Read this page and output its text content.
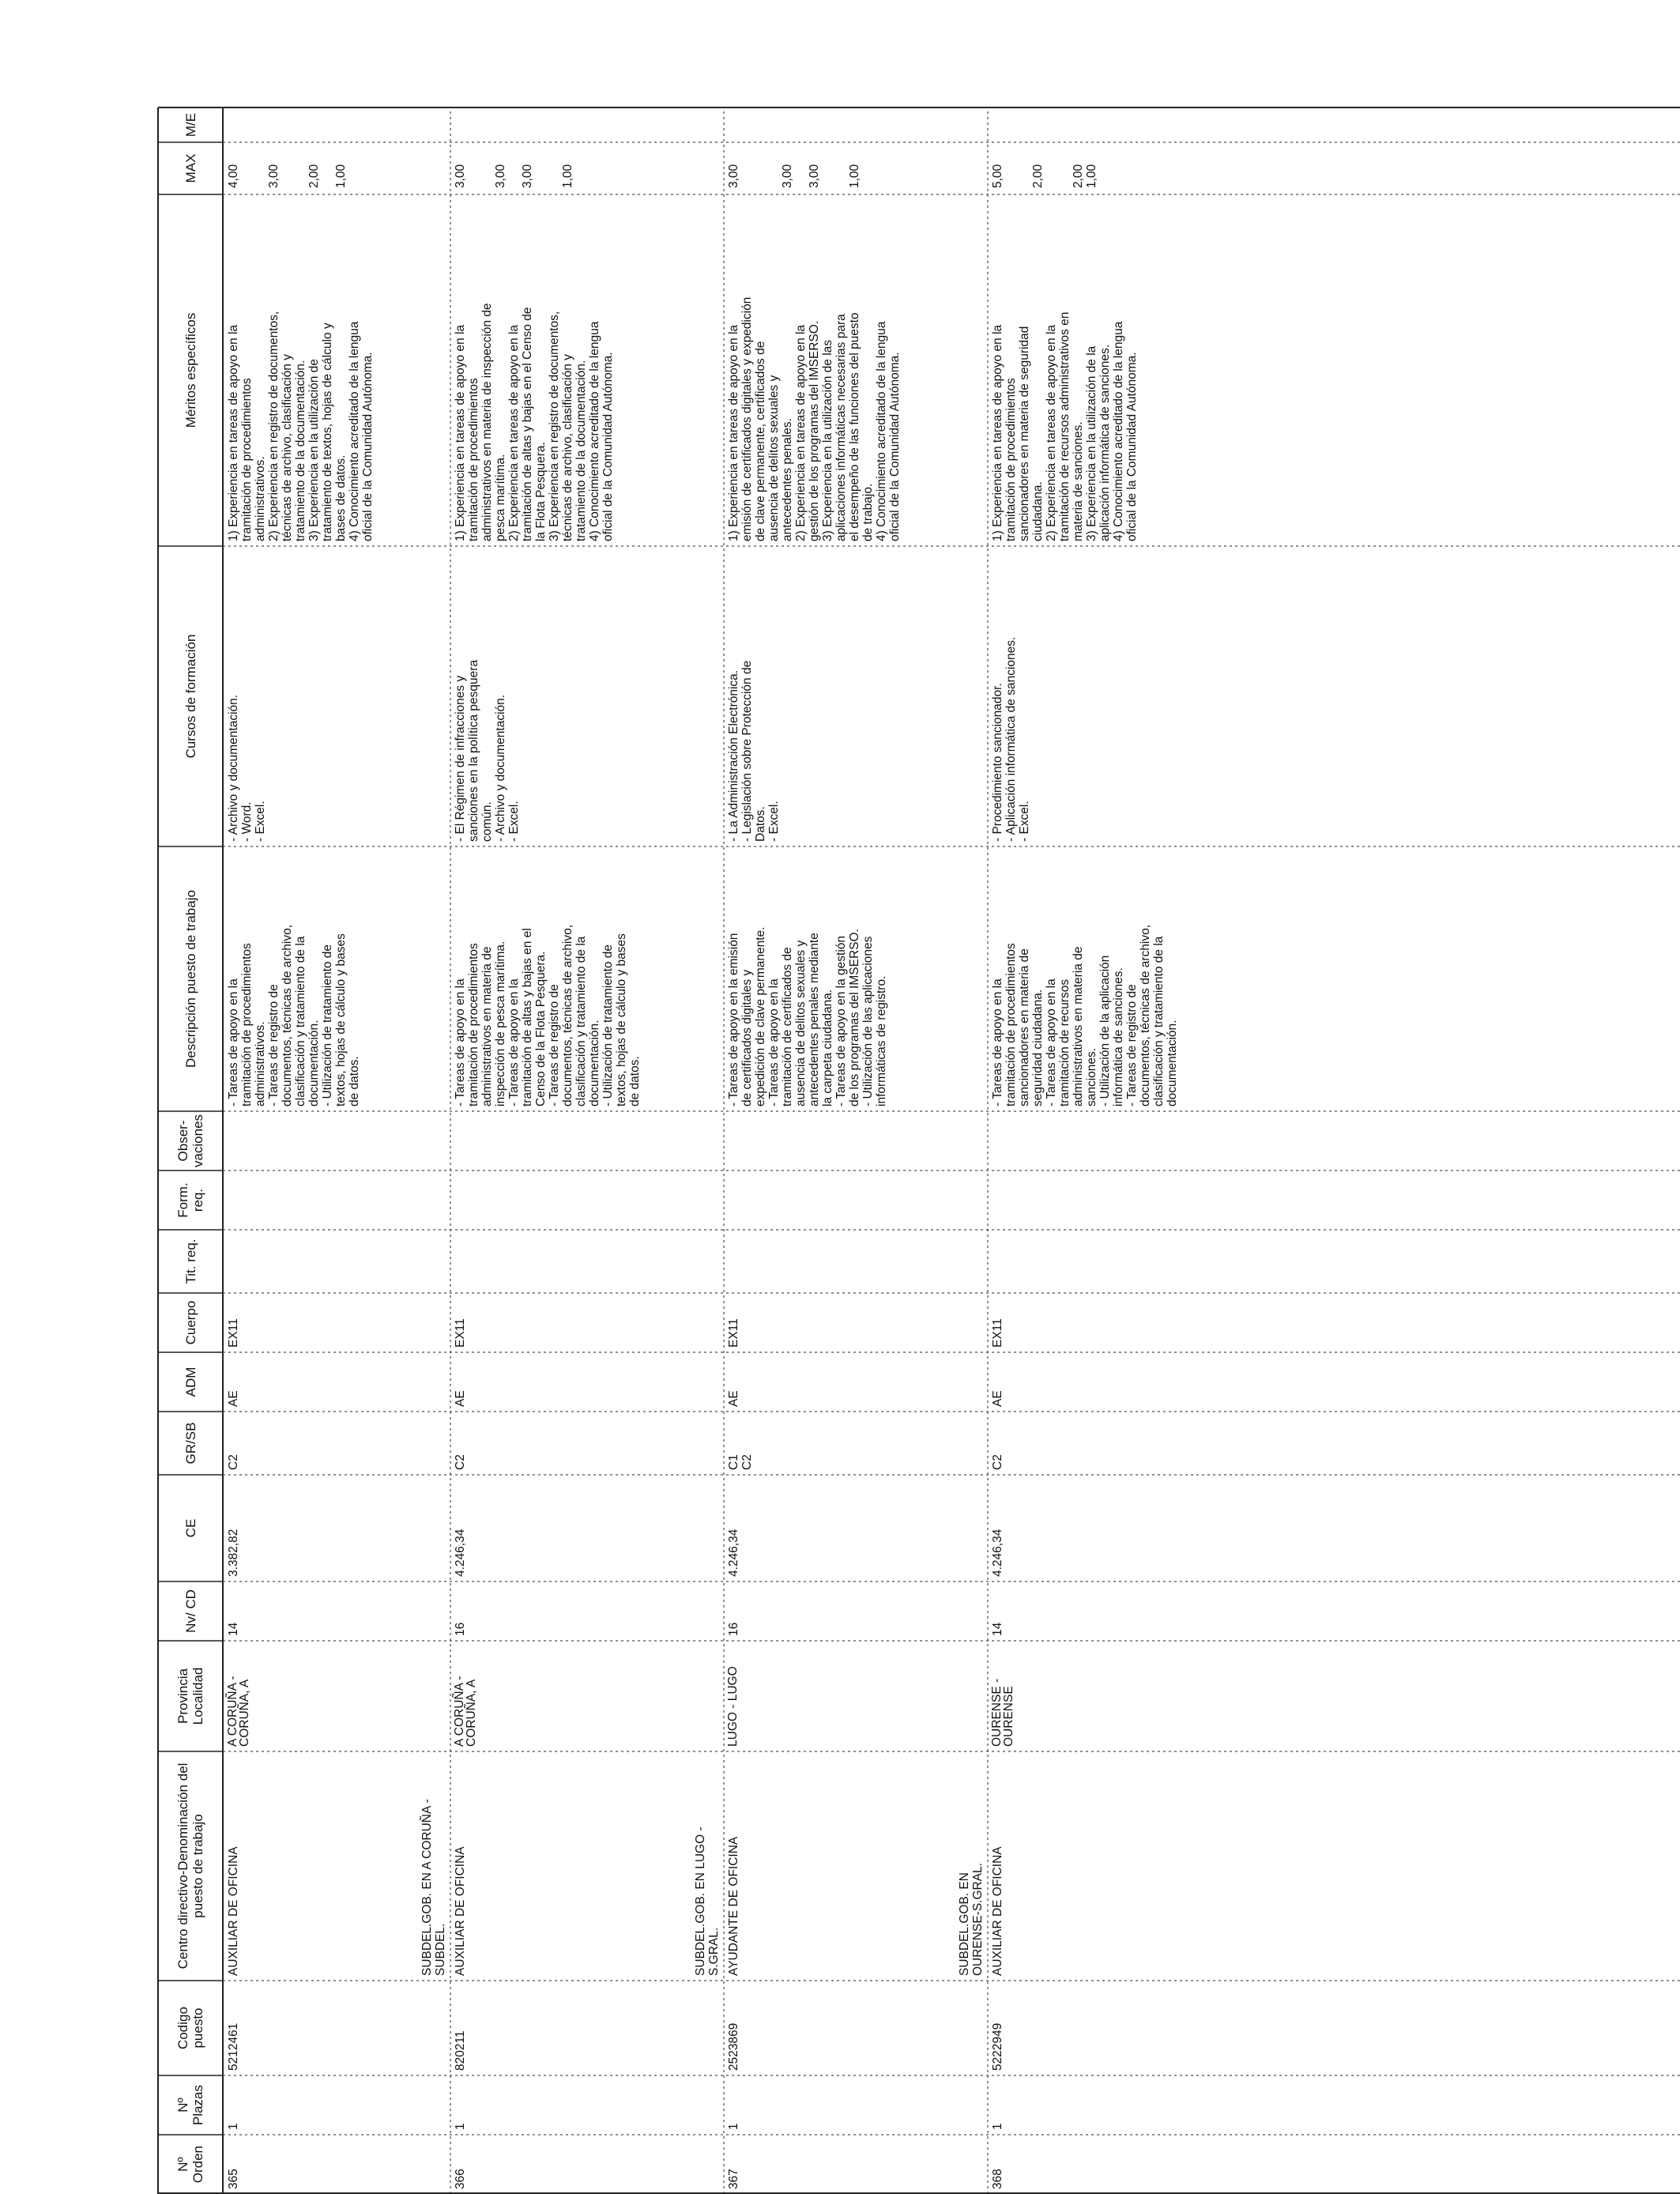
Nº Orden
Nº Plazas
Codigo puesto
Centro directivo-Denominación del puesto de trabajo
Provincia Localidad
Nv/ CD
CE
GR/SB
ADM
Cuerpo
Tit. req.
Form. req.
Obser-vaciones
Descripción puesto de trabajo
Cursos de formación
Méritos específicos
MAX
M/E
365
1
5212461
AUXILIAR DE OFICINA
A CORUÑA -
CORUÑA, A
14
3.382,82
C2
AE
EX11
- Tareas de apoyo en la
tramitación de procedimientos
administrativos.
- Tareas de registro de
documentos, técnicas de archivo,
clasificación y tratamiento de la
documentación.
- Utilización de tratamiento de
textos, hojas de cálculo y bases
de datos.
- Archivo y documentación.
- Word.
- Excel.
1) Experiencia en tareas de apoyo en la
tramitación de procedimientos
administrativos.
2) Experiencia en registro de documentos,
técnicas de archivo, clasificación y
tratamiento de la documentación.
3) Experiencia en la utilización de
tratamiento de textos, hojas de cálculo y
bases de datos.
4) Conocimiento acreditado de la lengua
oficial de la Comunidad Autónoma.
4,00

3,00

2,00
1,00
366
1
820211
AUXILIAR DE OFICINA
A CORUÑA -
CORUÑA, A
16
4.246,34
C2
AE
EX11
- Tareas de apoyo en la
tramitación de procedimientos
administrativos en materia de
inspección de pesca marítima.
- Tareas de apoyo en la
tramitación de altas y bajas en el
Censo de la Flota Pesquera.
- Tareas de registro de
documentos, técnicas de archivo,
clasificación y tratamiento de la
documentación.
- Utilización de tratamiento de
textos, hojas de cálculo y bases
de datos.
- El Régimen de infracciones y
sanciones en la política pesquera
común.
- Archivo y documentación.
- Excel.
1) Experiencia en tareas de apoyo en la
tramitación de procedimientos
administrativos en materia de inspección de
pesca marítima.
2) Experiencia en tareas de apoyo en la
tramitación de altas y bajas en el Censo de
la Flota Pesquera.
3) Experiencia en registro de documentos,
técnicas de archivo, clasificación y
tratamiento de la documentación.
4) Conocimiento acreditado de la lengua
oficial de la Comunidad Autónoma.
3,00

3,00
3,00

1,00
SUBDEL.GOB. EN A CORUÑA -
SUBDEL.
367
1
2523869
AYUDANTE DE OFICINA
LUGO - LUGO
16
4.246,34
C1
C2
AE
EX11
- Tareas de apoyo en la emisión
de certificados digitales y
expedición de clave permanente.
- Tareas de apoyo en la
tramitación de certificados de
ausencia de delitos sexuales y
antecedentes penales mediante
la carpeta ciudadana.
- Tareas de apoyo en la gestión
de los programas del IMSERSO.
- Utilización de las aplicaciones
informáticas de registro.
- La Administración Electrónica.
- Legislación sobre Protección de
Datos.
- Excel.
1) Experiencia en tareas de apoyo en la
emisión de certificados digitales y expedición
de clave permanente, certificados de
ausencia de delitos sexuales y
antecedentes penales.
2) Experiencia en tareas de apoyo en la
gestión de los programas del IMSERSO.
3) Experiencia en la utilización de las
aplicaciones informáticas necesarias para
el desempeño de las funciones del puesto
de trabajo.
4) Conocimiento acreditado de la lengua
oficial de la Comunidad Autónoma.
3,00

	3,00
3,00

1,00
SUBDEL.GOB. EN LUGO -
S.GRAL.
368
1
5222949
AUXILIAR DE OFICINA
OURENSE -
OURENSE
14
4.246,34
C2
AE
EX11
- Tareas de apoyo en la
tramitación de procedimientos
sancionadores en materia de
seguridad ciudadana.
- Tareas de apoyo en la
tramitación de recursos
administrativos en materia de
sanciones.
- Utilización de la aplicación
informática de sanciones.
- Tareas de registro de
documentos, técnicas de archivo,
clasificación y tratamiento de la
documentación.
- Procedimiento sancionador.
- Aplicación informática de sanciones.
- Excel.
1) Experiencia en tareas de apoyo en la
tramitación de procedimientos
sancionadores en materia de seguridad
ciudadana.
2) Experiencia en tareas de apoyo en la
tramitación de recursos administrativos en
materia de sanciones.
3) Experiencia en la utilización de la
aplicación informática de sanciones.
4) Conocimiento acreditado de la lengua
oficial de la Comunidad Autónoma.
5,00

2,00

2,00 1,00
SUBDEL.GOB. EN
OURENSE-S.GRAL.
